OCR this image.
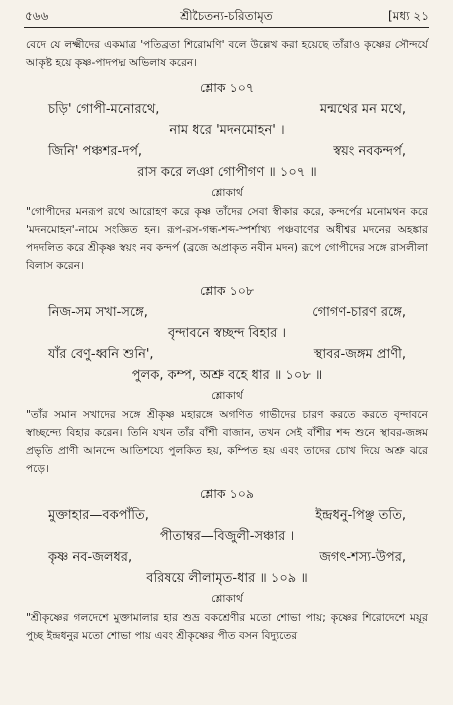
৫৬৬	শ্রীচৈতন্য-চরিতামৃত	[মধ্য ২১

বেদে যে লক্ষ্মীদের একমাত্র 'পতিব্রতা শিরোমণি' বলে উল্লেখ করা হয়েছে তাঁরাও কৃষ্ণের সৌন্দর্যে আকৃষ্ট হয়ে কৃষ্ণ-পাদপদ্ম অভিলাষ করেন।

শ্লোক ১০৭
চড়ি' গোপী-মনোরথে,	মন্মথের মন মথে,
নাম ধরে 'মদনমোহন' ।
জিনি' পঞ্চশর-দর্প,	স্বয়ং নবকন্দর্প,
রাস করে লঞা গোপীগণ ॥ ১০৭ ॥
শ্লোকার্থ

"গোপীদের মনরূপ রথে আরোহণ করে কৃষ্ণ তাঁদের সেবা স্বীকার করে, কন্দর্পের মনোমথন করে 'মদনমোহন'-নামে সংজ্ঞিত হন। রূপ-রস-গন্ধ-শব্দ-স্পর্শাখ্য পঞ্চবাণের অধীশ্বর মদনের অহঙ্কার পদদলিত করে শ্রীকৃষ্ণ স্বয়ং নব কন্দর্প (ব্রজে অপ্রাকৃত নবীন মদন) রূপে গোপীদের সঙ্গে রাসলীলা বিলাস করেন।

শ্লোক ১০৮
নিজ-সম সখা-সঙ্গে,	গোগণ-চারণ রঙ্গে,
বৃন্দাবনে স্বচ্ছন্দ বিহার ।
যাঁর বেণু-ধ্বনি শুনি',	স্থাবর-জঙ্গম প্রাণী,
পুলক, কম্প, অশ্রু বহে ধার ॥ ১০৮ ॥
শ্লোকার্থ

"তাঁর সমান সখাদের সঙ্গে শ্রীকৃষ্ণ মহারঙ্গে অগণিত গাভীদের চারণ করতে করতে বৃন্দাবনে স্বাচ্ছন্দ্যে বিহার করেন। তিনি যখন তাঁর বাঁশী বাজান, তখন সেই বাঁশীর শব্দ শুনে স্থাবর-জঙ্গম প্রভৃতি প্রাণী আনন্দে আতিশয্যে পুলকিত হয়, কম্পিত হয় এবং তাদের চোখ দিয়ে অশ্রু ঝরে পড়ে।

শ্লোক ১০৯
মুক্তাহার—বকপাঁতি,	ইন্দ্রধনু-পিঞ্ছ ততি,
পীতাম্বর—বিজুলী-সঞ্চার ।
কৃষ্ণ নব-জলধর,	জগৎ-শস্য-উপর,
বরিষয়ে লীলামৃত-ধার ॥ ১০৯ ॥
শ্লোকার্থ

"শ্রীকৃষ্ণের গলদেশে মুক্তামালার হার শুভ্র বকশ্রেণীর মতো শোভা পায়; কৃষ্ণের শিরোদেশে ময়ূর পুচ্ছ ইন্দ্রধনুর মতো শোভা পায় এবং শ্রীকৃষ্ণের পীত বসন বিদ্যুতের
